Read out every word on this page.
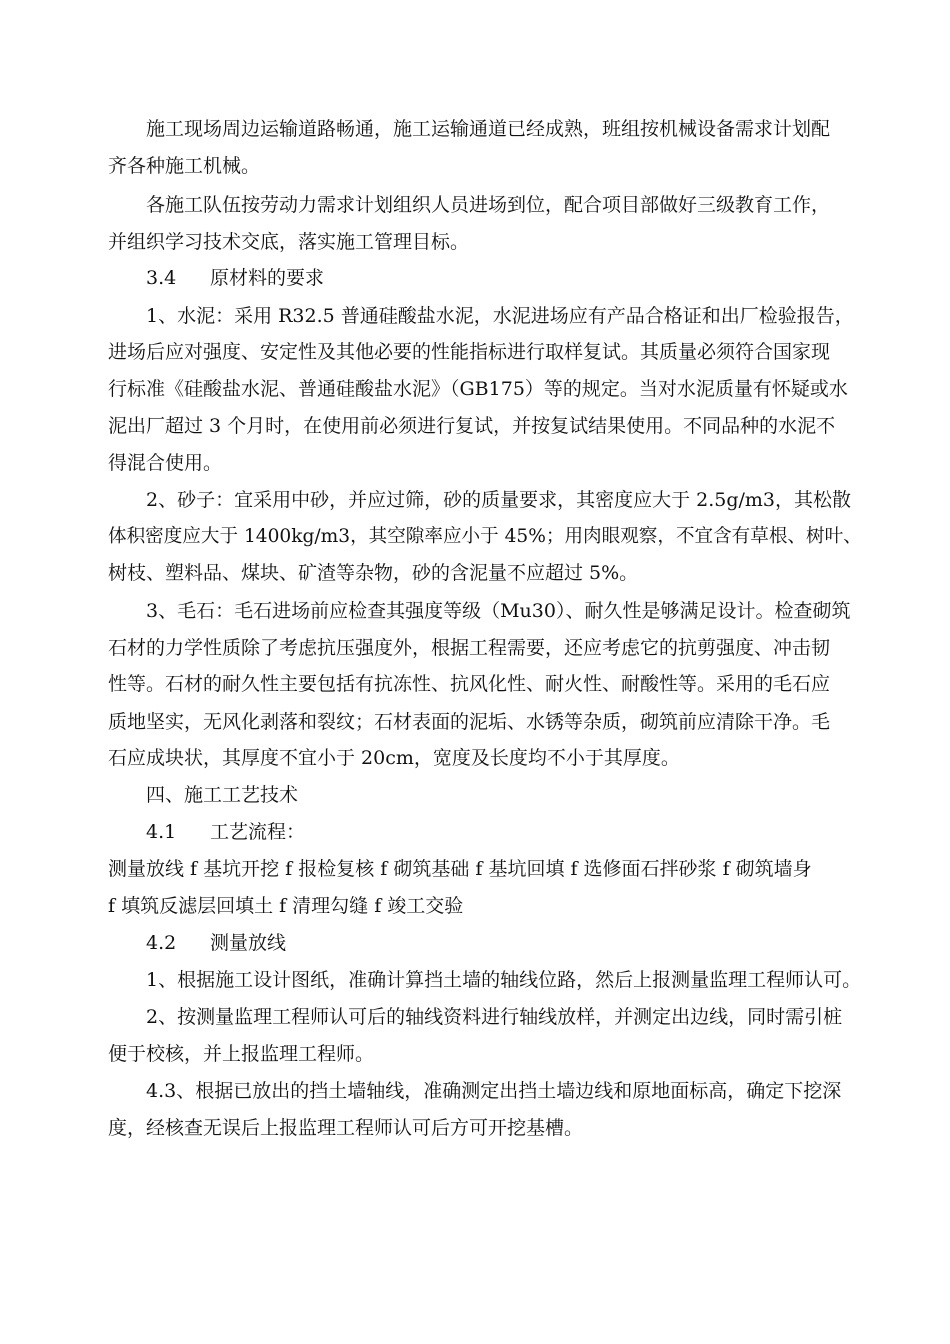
施工现场周边运输道路畅通，施工运输通道已经成熟，班组按机械设备需求计划配
齐各种施工机械。
各施工队伍按劳动力需求计划组织人员进场到位，配合项目部做好三级教育工作，
并组织学习技术交底，落实施工管理目标。
3.4 原材料的要求
1、水泥：采用 R32.5 普通硅酸盐水泥，水泥进场应有产品合格证和出厂检验报告，
进场后应对强度、安定性及其他必要的性能指标进行取样复试。其质量必须符合国家现
行标准《硅酸盐水泥、普通硅酸盐水泥》（GB175）等的规定。当对水泥质量有怀疑或水
泥出厂超过 3 个月时，在使用前必须进行复试，并按复试结果使用。不同品种的水泥不
得混合使用。
2、砂子：宜采用中砂，并应过筛，砂的质量要求，其密度应大于 2.5g/m3，其松散
体积密度应大于 1400kg/m3，其空隙率应小于 45%；用肉眼观察，不宜含有草根、树叶、
树枝、塑料品、煤块、矿渣等杂物，砂的含泥量不应超过 5%。
3、毛石：毛石进场前应检查其强度等级（Mu30）、耐久性是够满足设计。检查砌筑
石材的力学性质除了考虑抗压强度外，根据工程需要，还应考虑它的抗剪强度、冲击韧
性等。石材的耐久性主要包括有抗冻性、抗风化性、耐火性、耐酸性等。采用的毛石应
质地坚实，无风化剥落和裂纹；石材表面的泥垢、水锈等杂质，砌筑前应清除干净。毛
石应成块状，其厚度不宜小于 20cm，宽度及长度均不小于其厚度。
四、施工工艺技术
4.1 工艺流程：
测量放线 f 基坑开挖 f 报检复核 f 砌筑基础 f 基坑回填 f 选修面石拌砂浆 f 砌筑墙身
f 填筑反滤层回填土 f 清理勾缝 f 竣工交验
4.2 测量放线
1、根据施工设计图纸，准确计算挡土墙的轴线位路，然后上报测量监理工程师认可。
2、按测量监理工程师认可后的轴线资料进行轴线放样，并测定出边线，同时需引桩
便于校核，并上报监理工程师。
4.3、根据已放出的挡土墙轴线，准确测定出挡土墙边线和原地面标高，确定下挖深
度，经核查无误后上报监理工程师认可后方可开挖基槽。
